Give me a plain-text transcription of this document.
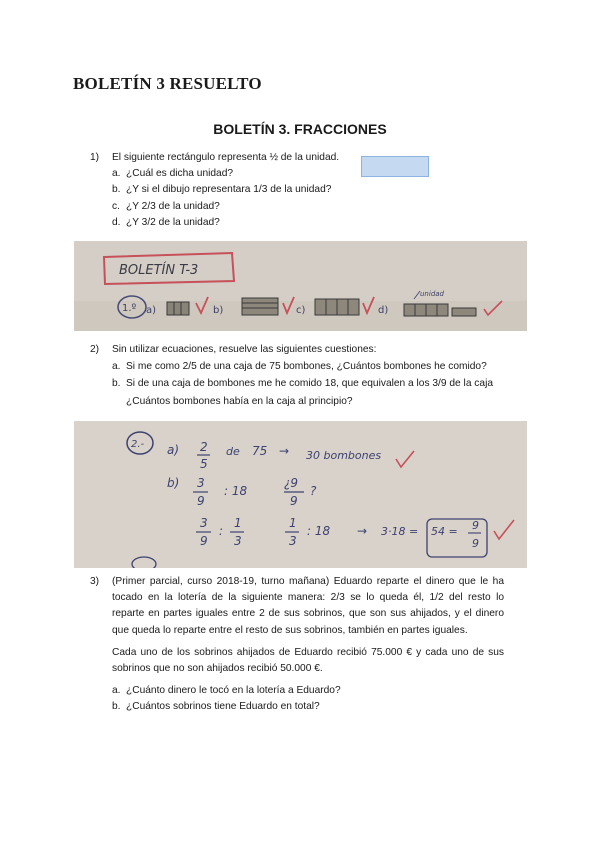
BOLETÍN 3 RESUELTO
BOLETÍN 3. FRACCIONES
1) El siguiente rectángulo representa ½ de la unidad.
a. ¿Cuál es dicha unidad?
b. ¿Y si el dibujo representara 1/3 de la unidad?
c. ¿Y 2/3 de la unidad?
d. ¿Y 3/2 de la unidad?
BOLETÍN T-3
1.º a)	b)	c)	d)
unidad
2) Sin utilizar ecuaciones, resuelve las siguientes cuestiones:
a. Si me como 2/5 de una caja de 75 bombones, ¿Cuántos bombones he comido?
b. Si de una caja de bombones me he comido 18, que equivalen a los 3/9 de la caja
¿Cuántos bombones había en la caja al principio?
2.- a) 2
5
de 75 → 30 bombones
b) 3
9
: 18
¿9
9
?
3
9
:
1
3
1
3
: 18 → 3·18 = 54 = 9
9
3)	(Primer parcial, curso 2018-19, turno mañana) Eduardo reparte el dinero que le ha
tocado en la lotería de la siguiente manera: 2/3 se lo queda él, 1/2 del resto lo
reparte en partes iguales entre 2 de sus sobrinos, que son sus ahijados, y el dinero
que queda lo reparte entre el resto de sus sobrinos, también en partes iguales.
Cada uno de los sobrinos ahijados de Eduardo recibió 75.000 € y cada uno de sus
sobrinos que no son ahijados recibió 50.000 €.
a. ¿Cuánto dinero le tocó en la lotería a Eduardo?
b. ¿Cuántos sobrinos tiene Eduardo en total?
